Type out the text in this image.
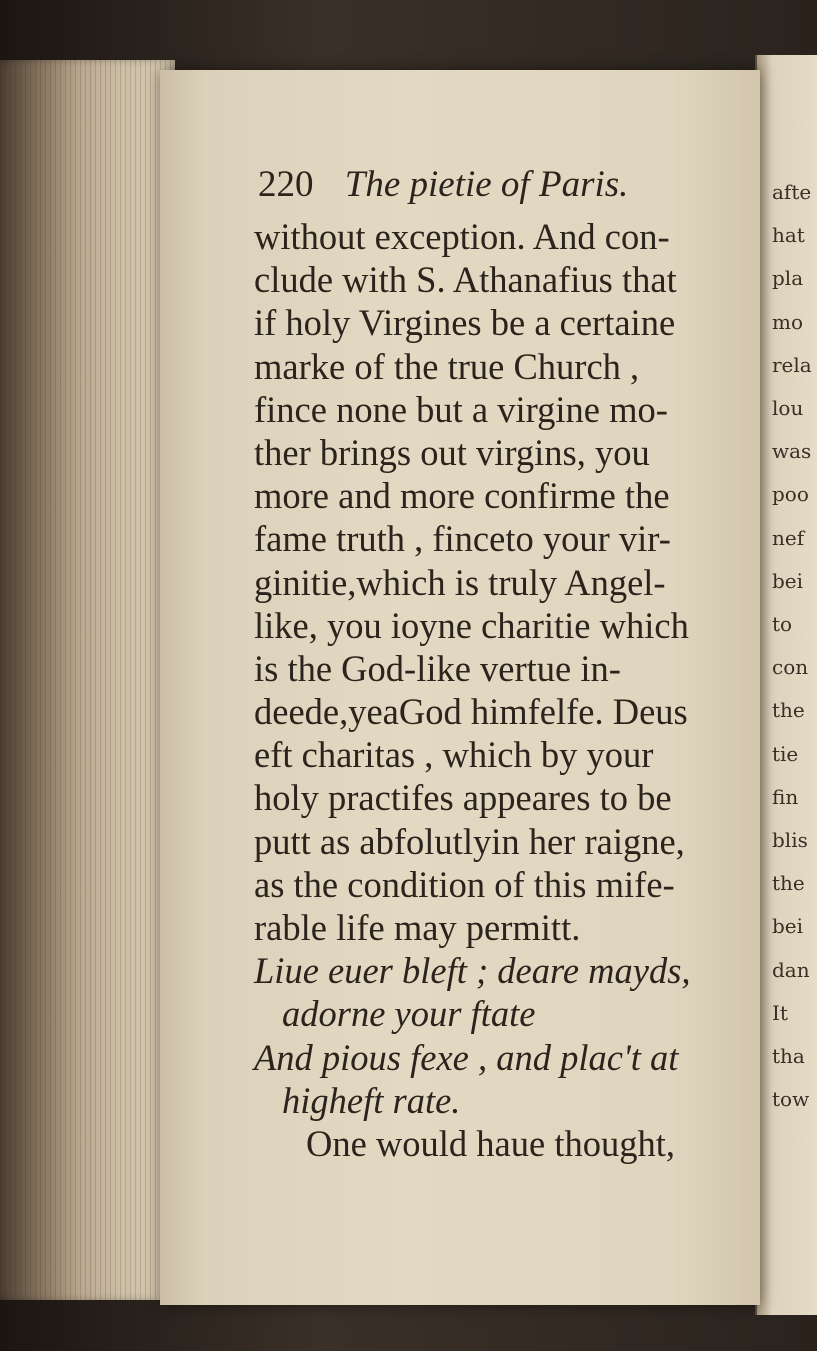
afte
hat
pla
mo
rela
lou
was
poo
nef
bei
to
con
the
tie
fin
blis
the
bei
dan
It
tha
tow
220 The pietie of Paris.
without exception. And con-
clude with S. Athanafius that
if holy Virgines be a certaine
marke of the true Church ,
fince none but a virgine mo-
ther brings out virgins, you
more and more confirme the
fame truth , finceto your vir-
ginitie,which is truly Angel-
like, you ioyne charitie which
is the God-like vertue in-
deede,yeaGod himfelfe. Deus
eft charitas , which by your
holy practifes appeares to be
putt as abfolutlyin her raigne,
as the condition of this mife-
rable life may permitt.
Liue euer bleft ; deare mayds,
adorne your ftate
And pious fexe , and plac't at
higheft rate.
One would haue thought,
